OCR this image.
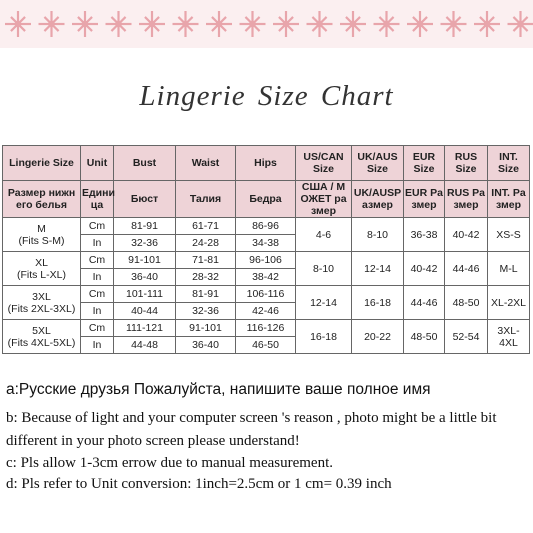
Lingerie Size Chart
Lingerie Size	Unit	Bust	Waist	Hips	US/CAN Size	UK/AUS Size	EUR Size	RUS Size	INT. Size
Размер нижн его белья	Едини ца	Бюст	Талия	Бедра	США / M ОЖЕТ ра змер	UK/AUSP азмер	EUR Pa змер	RUS Pa змер	INT. Pa змер

M
(Fits S-M)	Cm	81-91	61-71	86-96	4-6	8-10	36-38	40-42	XS-S
	In	32-36	24-28	34-38					

XL
(Fits L-XL)	Cm	91-101	71-81	96-106	8-10	12-14	40-42	44-46	M-L
	In	36-40	28-32	38-42					

3XL
(Fits 2XL-3XL)	Cm	101-111	81-91	106-116	12-14	16-18	44-46	48-50	XL-2XL
	In	40-44	32-36	42-46					

5XL
(Fits 4XL-5XL)	Cm	111-121	91-101	116-126	16-18	20-22	48-50	52-54	3XL-4XL
	In	44-48	36-40	46-50					
a:Русские друзья Пожалуйста, напишите ваше полное имя
b: Because of light and your computer screen 's reason , photo might be a little bit different in your photo screen please understand!
c: Pls allow 1-3cm errow due to manual measurement.
d: Pls refer to Unit conversion: 1inch=2.5cm or 1 cm= 0.39 inch
